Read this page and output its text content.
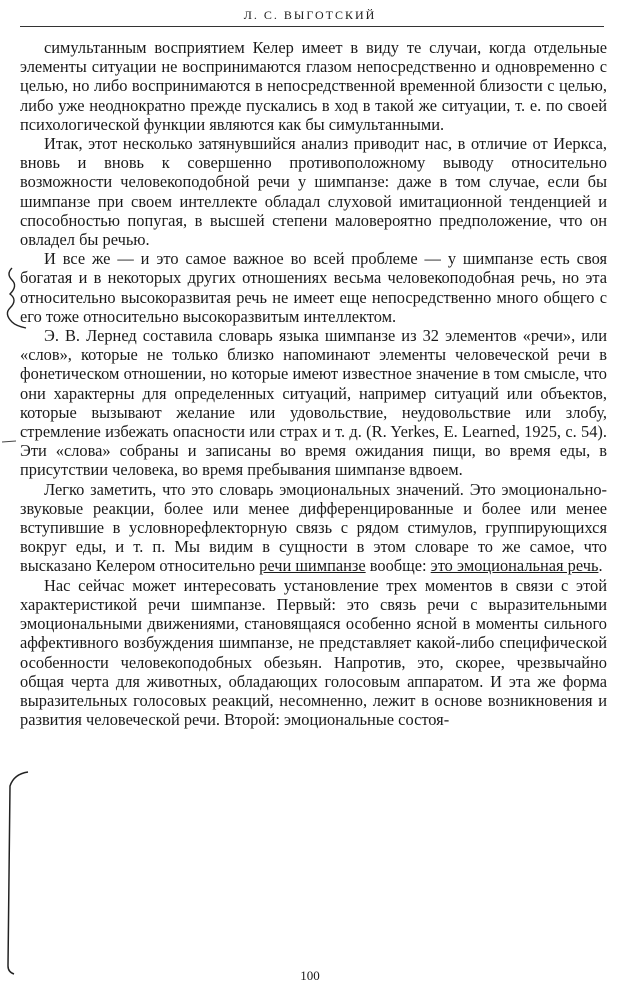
Л. С. ВЫГОТСКИЙ

симультанным восприятием Келер имеет в виду те случаи, когда отдельные элементы ситуации не воспринимаются глазом непосредственно и одновременно с целью, но либо воспринимаются в непосредственной временной близости с целью, либо уже неоднократно прежде пускались в ход в такой же ситуации, т. е. по своей психологической функции являются как бы симультанными.

Итак, этот несколько затянувшийся анализ приводит нас, в отличие от Иеркса, вновь и вновь к совершенно противоположному выводу относительно возможности человекоподобной речи у шимпанзе: даже в том случае, если бы шимпанзе при своем интеллекте обладал слуховой имитационной тенденцией и способностью попугая, в высшей степени маловероятно предположение, что он овладел бы речью.

И все же — и это самое важное во всей проблеме — у шимпанзе есть своя богатая и в некоторых других отношениях весьма человекоподобная речь, но эта относительно высокоразвитая речь не имеет еще непосредственно много общего с его тоже относительно высокоразвитым интеллектом.

Э. В. Лернед составила словарь языка шимпанзе из 32 элементов «речи», или «слов», которые не только близко напоминают элементы человеческой речи в фонетическом отношении, но которые имеют известное значение в том смысле, что они характерны для определенных ситуаций, например ситуаций или объектов, которые вызывают желание или удовольствие, неудовольствие или злобу, стремление избежать опасности или страх и т. д. (R. Yerkes, E. Learned, 1925, с. 54). Эти «слова» собраны и записаны во время ожидания пищи, во время еды, в присутствии человека, во время пребывания шимпанзе вдвоем.

Легко заметить, что это словарь эмоциональных значений. Это эмоционально-звуковые реакции, более или менее дифференцированные и более или менее вступившие в условнорефлекторную связь с рядом стимулов, группирующихся вокруг еды, и т. п. Мы видим в сущности в этом словаре то же самое, что высказано Келером относительно речи шимпанзе вообще: это эмоциональная речь.

Нас сейчас может интересовать установление трех моментов в связи с этой характеристикой речи шимпанзе. Первый: это связь речи с выразительными эмоциональными движениями, становящаяся особенно ясной в моменты сильного аффективного возбуждения шимпанзе, не представляет какой-либо специфической особенности человекоподобных обезьян. Напротив, это, скорее, чрезвычайно общая черта для животных, обладающих голосовым аппаратом. И эта же форма выразительных голосовых реакций, несомненно, лежит в основе возникновения и развития человеческой речи. Второй: эмоциональные состоя-

100
